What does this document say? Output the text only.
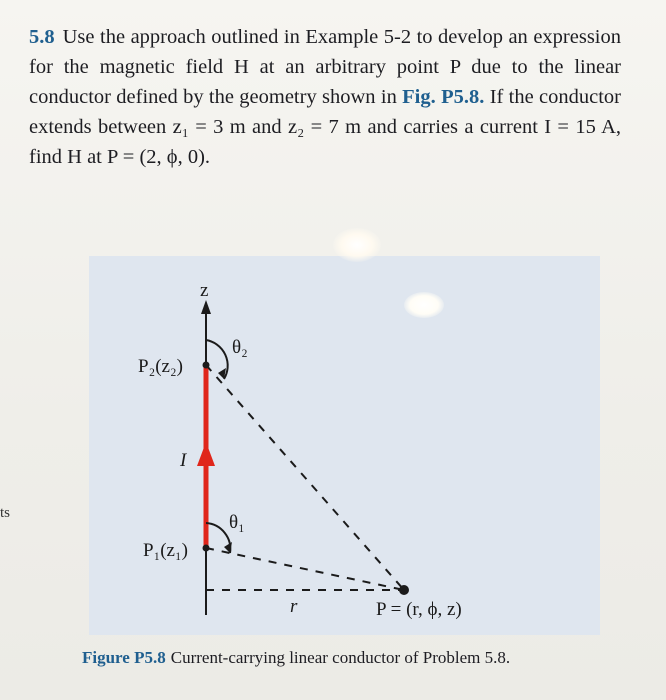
5.8 Use the approach outlined in Example 5-2 to develop an expression for the magnetic field H at an arbitrary point P due to the linear conductor defined by the geometry shown in Fig. P5.8. If the conductor extends between z₁ = 3 m and z₂ = 7 m and carries a current I = 15 A, find H at P = (2, ϕ, 0).
ts
z
θ₂
θ₁
P₂(z₂)
P₁(z₁)
I
r	P = (r, ϕ, z)
Figure P5.8 Current-carrying linear conductor of Problem 5.8.
